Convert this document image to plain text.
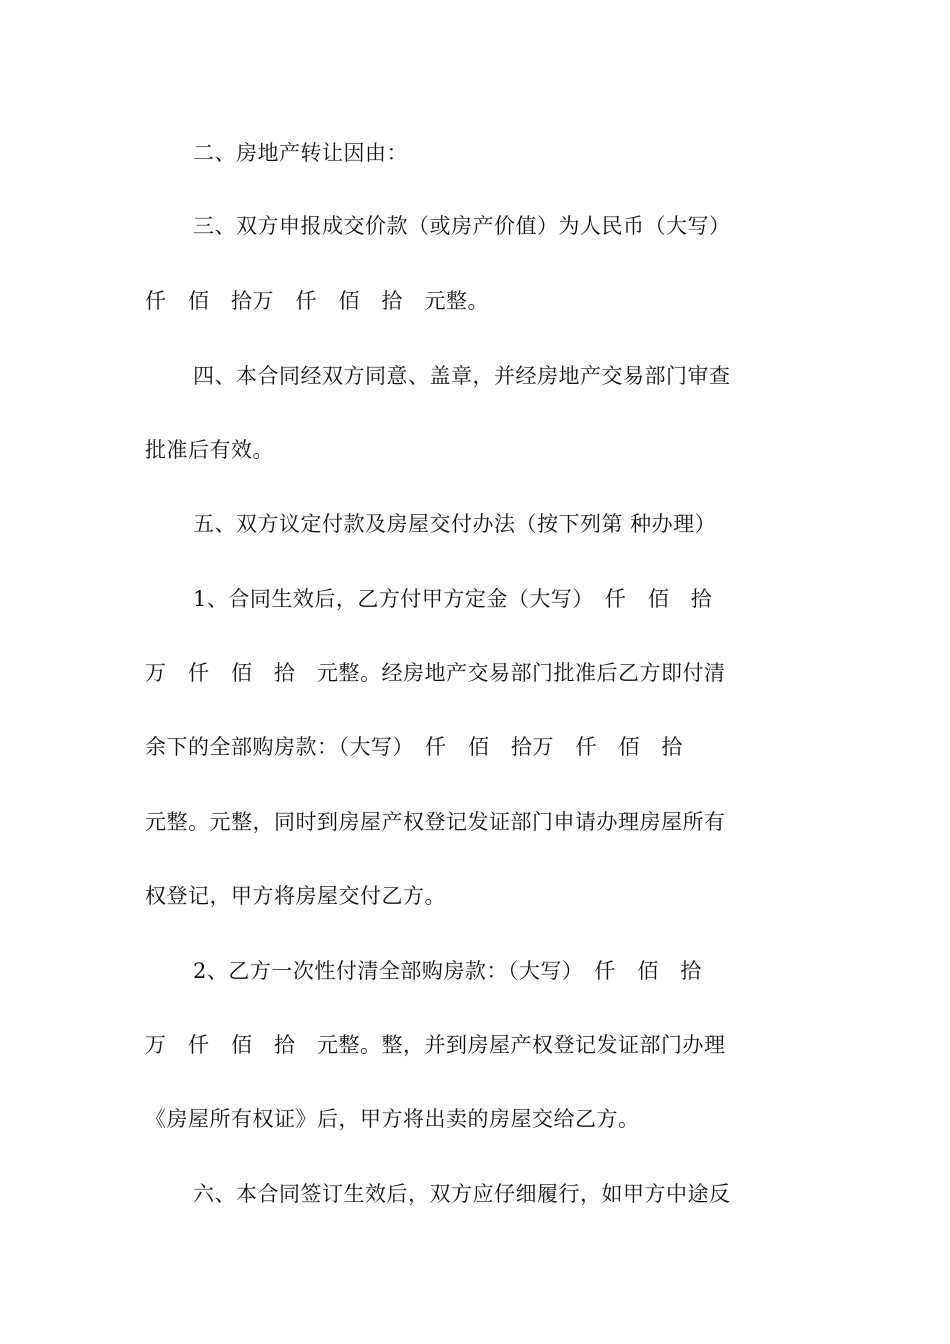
二、房地产转让因由：
三、双方申报成交价款（或房产价值）为人民币（大写）
仟　佰　拾万　仟　佰　拾　元整。
四、本合同经双方同意、盖章，并经房地产交易部门审查
批准后有效。
五、双方议定付款及房屋交付办法（按下列第 种办理）
1、合同生效后，乙方付甲方定金（大写）　仟　佰　拾
万　仟　佰　拾　元整。经房地产交易部门批准后乙方即付清
余下的全部购房款：（大写）　仟　佰　拾万　仟　佰　拾
元整。元整，同时到房屋产权登记发证部门申请办理房屋所有
权登记，甲方将房屋交付乙方。
2、乙方一次性付清全部购房款：（大写）　仟　佰　拾
万　仟　佰　拾　元整。整，并到房屋产权登记发证部门办理
《房屋所有权证》后，甲方将出卖的房屋交给乙方。
六、本合同签订生效后，双方应仔细履行，如甲方中途反
